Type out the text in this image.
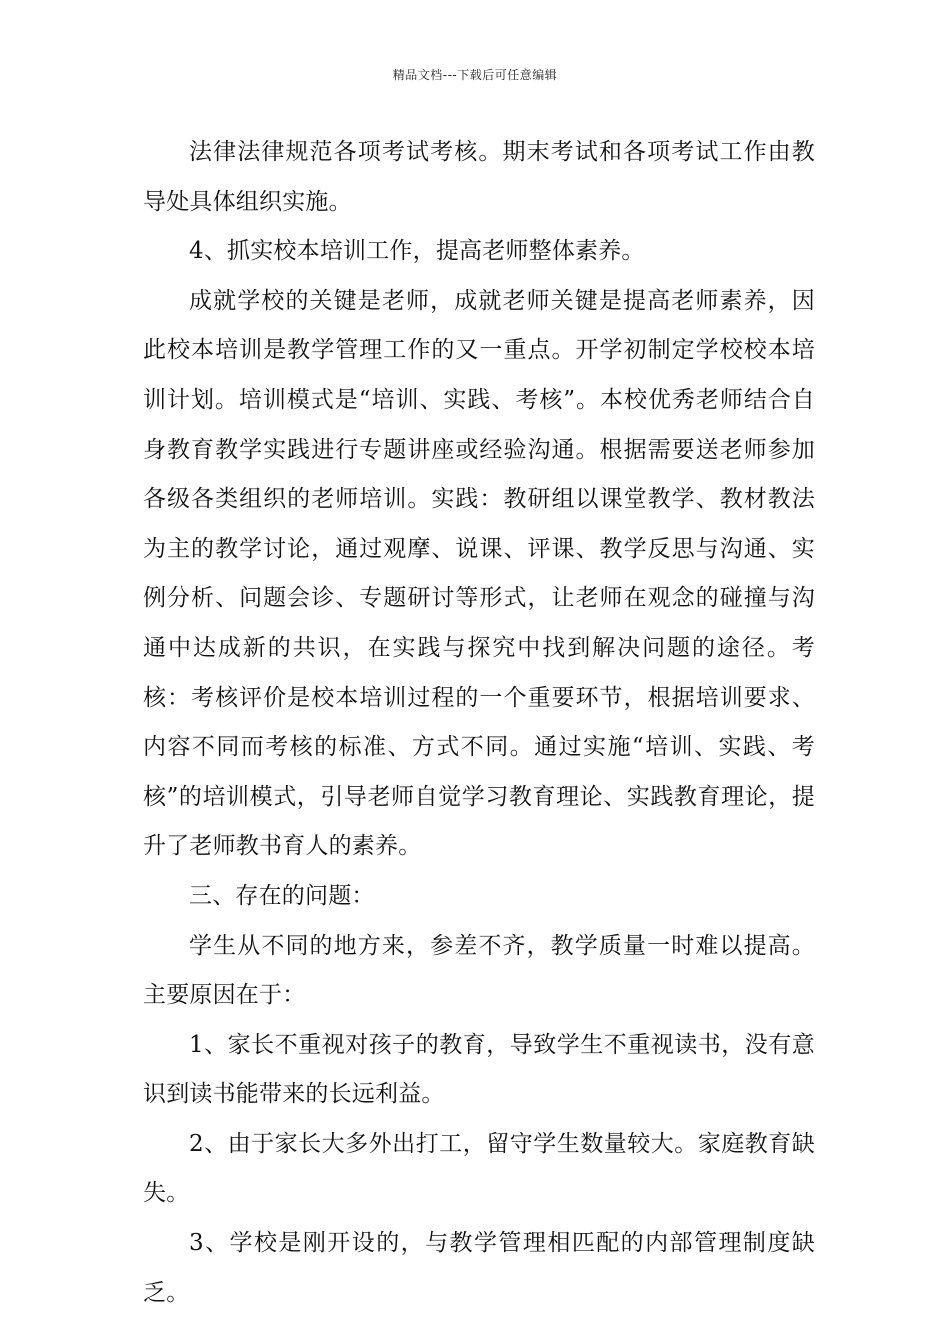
精品文档---下载后可任意编辑

法律法律规范各项考试考核。期末考试和各项考试工作由教导处具体组织实施。

4、抓实校本培训工作，提高老师整体素养。

成就学校的关键是老师，成就老师关键是提高老师素养，因此校本培训是教学管理工作的又一重点。开学初制定学校校本培训计划。培训模式是“培训、实践、考核”。本校优秀老师结合自身教育教学实践进行专题讲座或经验沟通。根据需要送老师参加各级各类组织的老师培训。实践：教研组以课堂教学、教材教法为主的教学讨论，通过观摩、说课、评课、教学反思与沟通、实例分析、问题会诊、专题研讨等形式，让老师在观念的碰撞与沟通中达成新的共识，在实践与探究中找到解决问题的途径。考核：考核评价是校本培训过程的一个重要环节，根据培训要求、内容不同而考核的标准、方式不同。通过实施“培训、实践、考核”的培训模式，引导老师自觉学习教育理论、实践教育理论，提升了老师教书育人的素养。

三、存在的问题：

学生从不同的地方来，参差不齐，教学质量一时难以提高。主要原因在于：

1、家长不重视对孩子的教育，导致学生不重视读书，没有意识到读书能带来的长远利益。

2、由于家长大多外出打工，留守学生数量较大。家庭教育缺失。

3、学校是刚开设的，与教学管理相匹配的内部管理制度缺乏。
